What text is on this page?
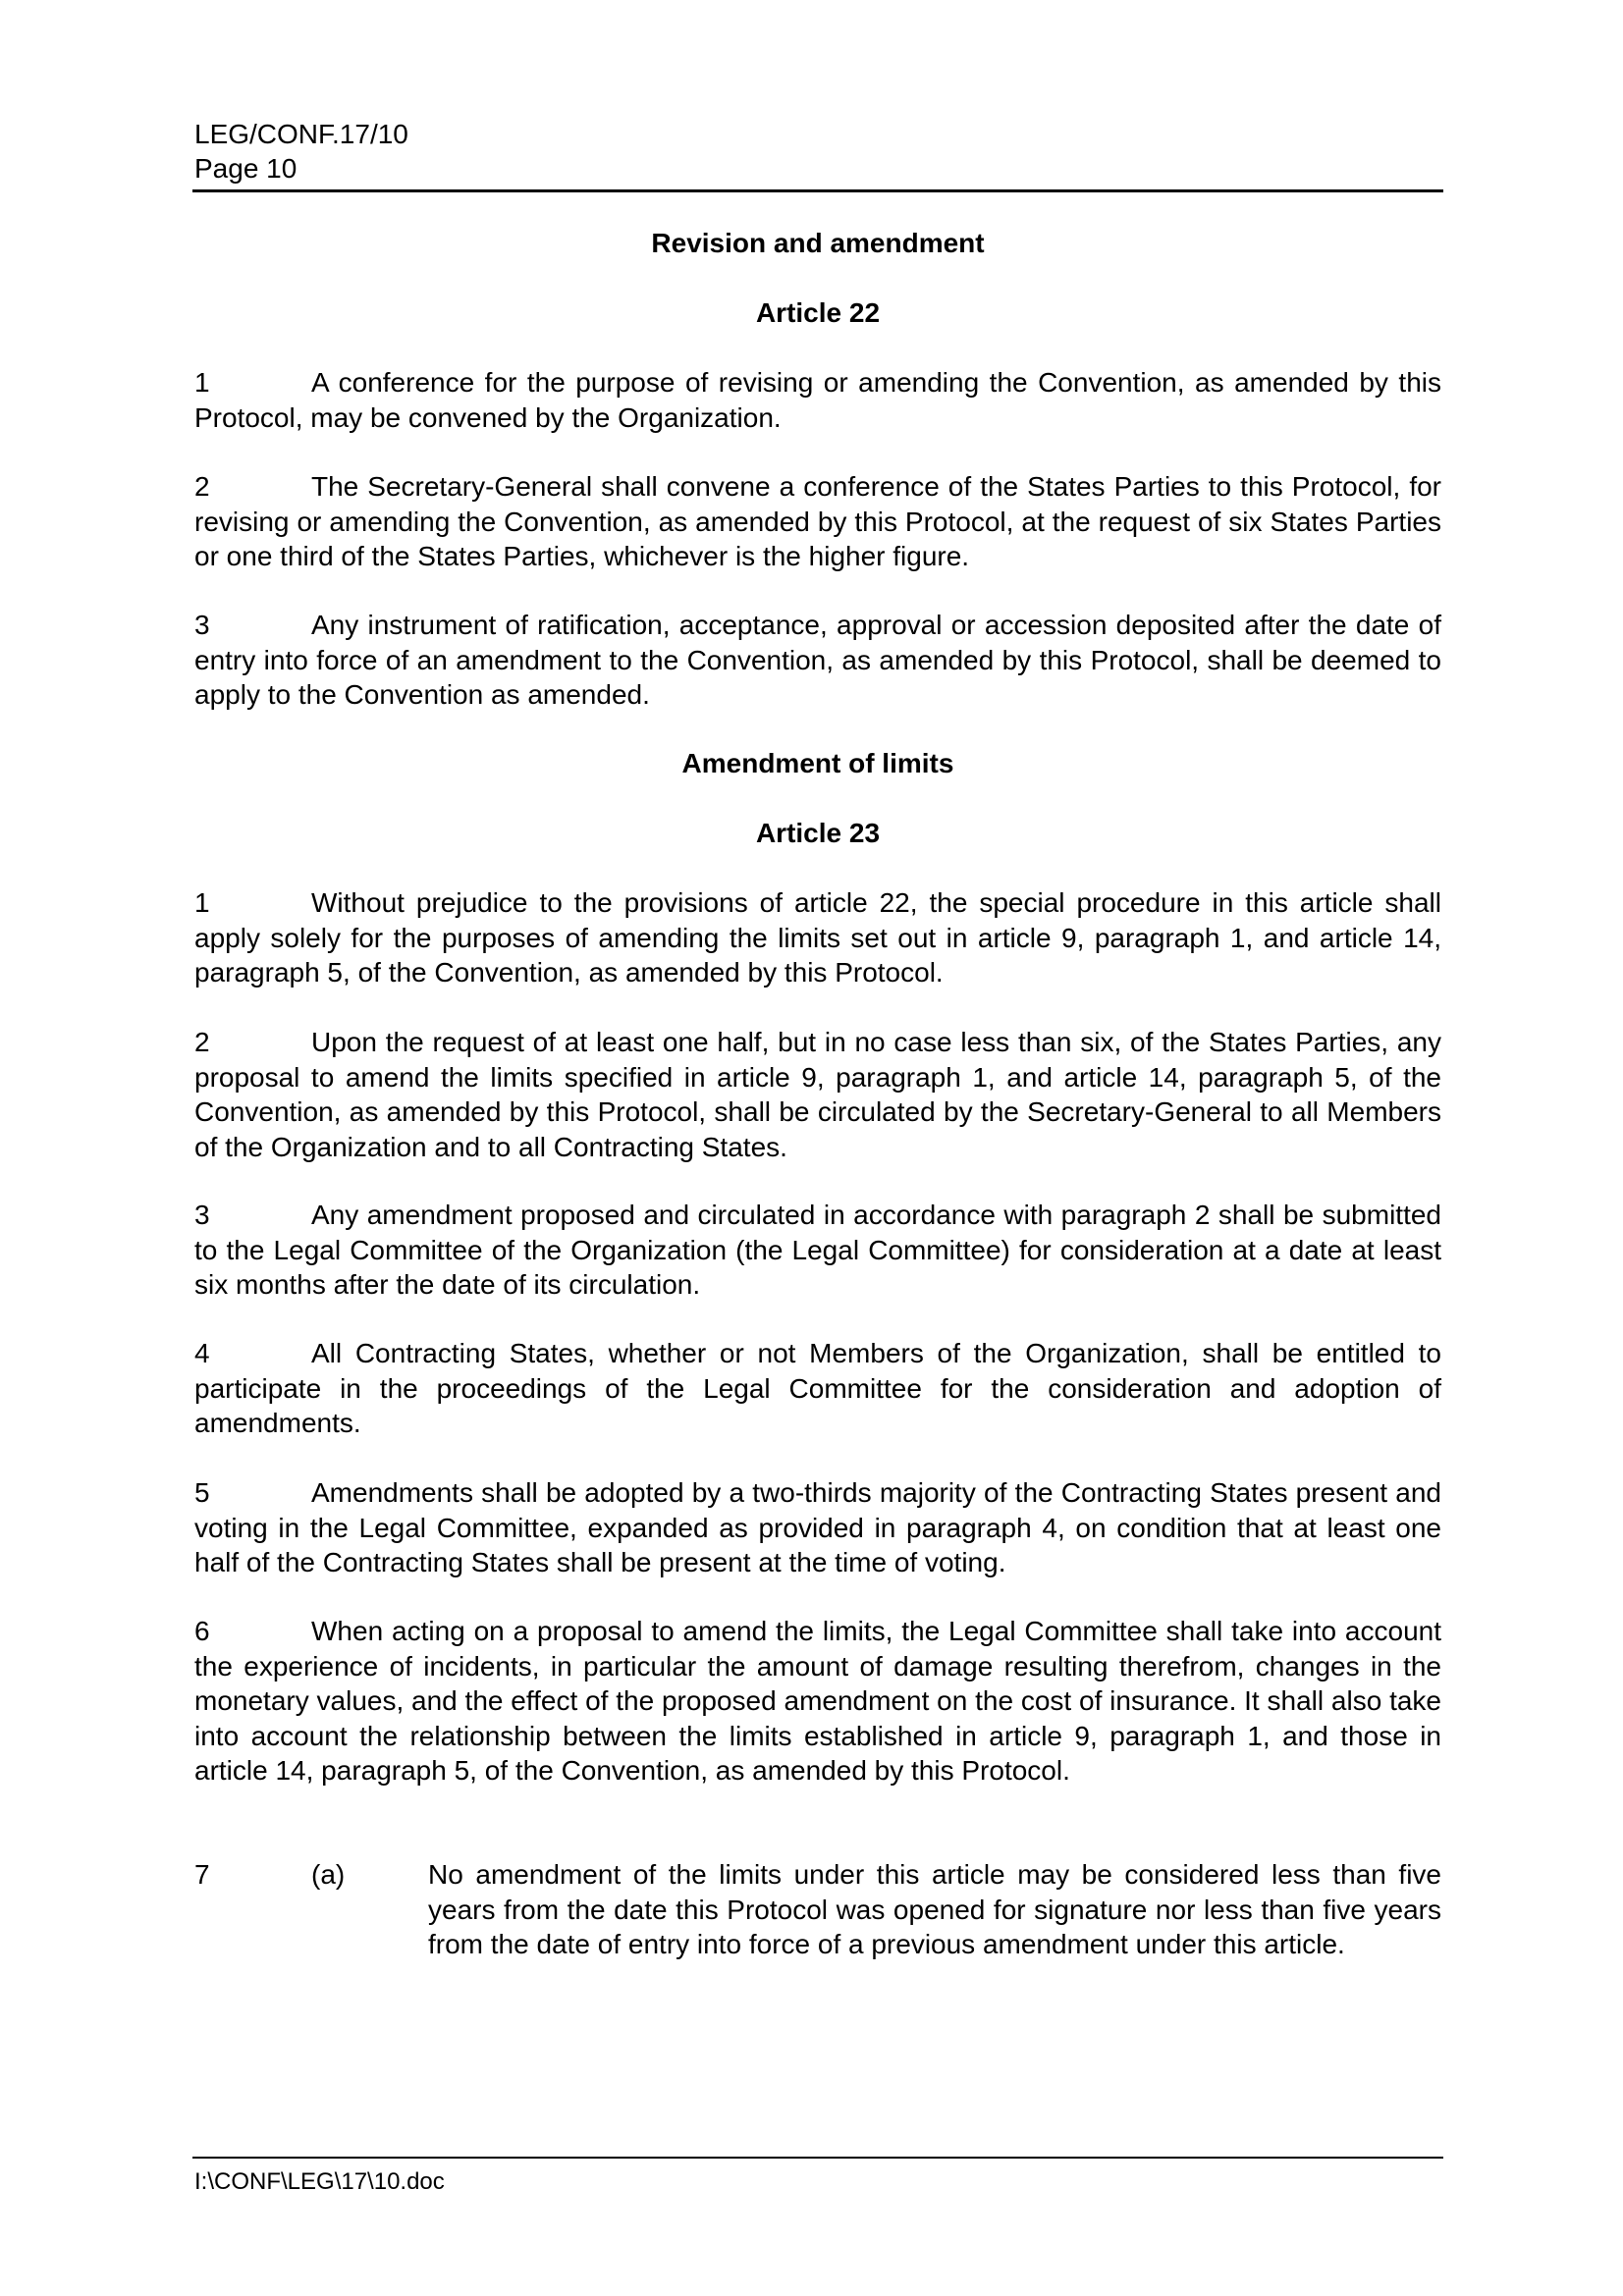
LEG/CONF.17/10
Page 10
Revision and amendment
Article 22
1	A conference for the purpose of revising or amending the Convention, as amended by this Protocol, may be convened by the Organization.
2	The Secretary-General shall convene a conference of the States Parties to this Protocol, for revising or amending the Convention, as amended by this Protocol, at the request of six States Parties or one third of the States Parties, whichever is the higher figure.
3	Any instrument of ratification, acceptance, approval or accession deposited after the date of entry into force of an amendment to the Convention, as amended by this Protocol, shall be deemed to apply to the Convention as amended.
Amendment of limits
Article 23
1	Without prejudice to the provisions of article 22, the special procedure in this article shall apply solely for the purposes of amending the limits set out in article 9, paragraph 1, and article 14, paragraph 5, of the Convention, as amended by this Protocol.
2	Upon the request of at least one half, but in no case less than six, of the States Parties, any proposal to amend the limits specified in article 9, paragraph 1, and article 14, paragraph 5, of the Convention, as amended by this Protocol, shall be circulated by the Secretary-General to all Members of the Organization and to all Contracting States.
3	Any amendment proposed and circulated in accordance with paragraph 2 shall be submitted to the Legal Committee of the Organization (the Legal Committee) for consideration at a date at least six months after the date of its circulation.
4	All Contracting States, whether or not Members of the Organization, shall be entitled to participate in the proceedings of the Legal Committee for the consideration and adoption of amendments.
5	Amendments shall be adopted by a two-thirds majority of the Contracting States present and voting in the Legal Committee, expanded as provided in paragraph 4, on condition that at least one half of the Contracting States shall be present at the time of voting.
6	When acting on a proposal to amend the limits, the Legal Committee shall take into account the experience of incidents, in particular the amount of damage resulting therefrom, changes in the monetary values, and the effect of the proposed amendment on the cost of insurance. It shall also take into account the relationship between the limits established in article 9, paragraph 1, and those in article 14, paragraph 5, of the Convention, as amended by this Protocol.
7	(a)	No amendment of the limits under this article may be considered less than five years from the date this Protocol was opened for signature nor less than five years from the date of entry into force of a previous amendment under this article.
I:\CONF\LEG\17\10.doc
